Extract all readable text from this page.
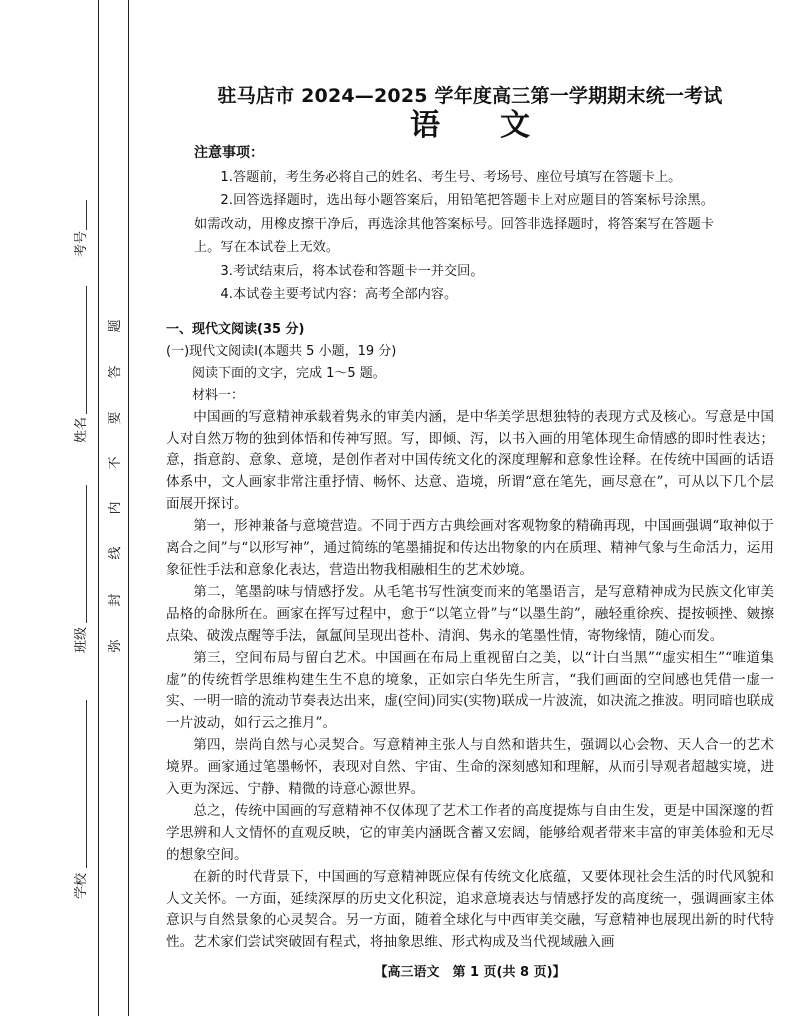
考号
姓名
班级
学校
弥
封
线
内
不
要
答
题
驻马店市 2024—2025 学年度高三第一学期期末统一考试
语 文
注意事项：

1.答题前，考生务必将自己的姓名、考生号、考场号、座位号填写在答题卡上。

2.回答选择题时，选出每小题答案后，用铅笔把答题卡上对应题目的答案标号涂黑。如需改动，用橡皮擦干净后，再选涂其他答案标号。回答非选择题时，将答案写在答题卡上。写在本试卷上无效。

3.考试结束后，将本试卷和答题卡一并交回。

4.本试卷主要考试内容：高考全部内容。

一、现代文阅读(35 分)

(一)现代文阅读Ⅰ(本题共 5 小题，19 分)

阅读下面的文字，完成 1～5 题。

材料一：

中国画的写意精神承载着隽永的审美内涵，是中华美学思想独特的表现方式及核心。写意是中国人对自然万物的独到体悟和传神写照。写，即倾、泻，以书入画的用笔体现生命情感的即时性表达；意，指意韵、意象、意境，是创作者对中国传统文化的深度理解和意象性诠释。在传统中国画的话语体系中，文人画家非常注重抒情、畅怀、达意、造境，所谓“意在笔先，画尽意在”，可从以下几个层面展开探讨。

第一，形神兼备与意境营造。不同于西方古典绘画对客观物象的精确再现，中国画强调“取神似于离合之间”与“以形写神”，通过简练的笔墨捕捉和传达出物象的内在质理、精神气象与生命活力，运用象征性手法和意象化表达，营造出物我相融相生的艺术妙境。

第二，笔墨韵味与情感抒发。从毛笔书写性演变而来的笔墨语言，是写意精神成为民族文化审美品格的命脉所在。画家在挥写过程中，愈于“以笔立骨”与“以墨生韵”，融轻重徐疾、提按顿挫、皴擦点染、破泼点醒等手法，氤氲间呈现出苍朴、清润、隽永的笔墨性情，寄物缘情，随心而发。

第三，空间布局与留白艺术。中国画在布局上重视留白之美，以“计白当黑”“虚实相生”“唯道集虚”的传统哲学思维构建生生不息的境象，正如宗白华先生所言，“我们画面的空间感也凭借一虚一实、一明一暗的流动节奏表达出来，虚(空间)同实(实物)联成一片波流，如决流之推波。明同暗也联成一片波动，如行云之推月”。

第四，崇尚自然与心灵契合。写意精神主张人与自然和谐共生，强调以心会物、天人合一的艺术境界。画家通过笔墨畅怀，表现对自然、宇宙、生命的深刻感知和理解，从而引导观者超越实境，进入更为深远、宁静、精微的诗意心源世界。

总之，传统中国画的写意精神不仅体现了艺术工作者的高度提炼与自由生发，更是中国深邃的哲学思辨和人文情怀的直观反映，它的审美内涵既含蓄又宏阔，能够给观者带来丰富的审美体验和无尽的想象空间。

在新的时代背景下，中国画的写意精神既应保有传统文化底蕴，又要体现社会生活的时代风貌和人文关怀。一方面，延续深厚的历史文化积淀，追求意境表达与情感抒发的高度统一，强调画家主体意识与自然景象的心灵契合。另一方面，随着全球化与中西审美交融，写意精神也展现出新的时代特性。艺术家们尝试突破固有程式，将抽象思维、形式构成及当代视域融入画

【高三语文　第 1 页(共 8 页)】
